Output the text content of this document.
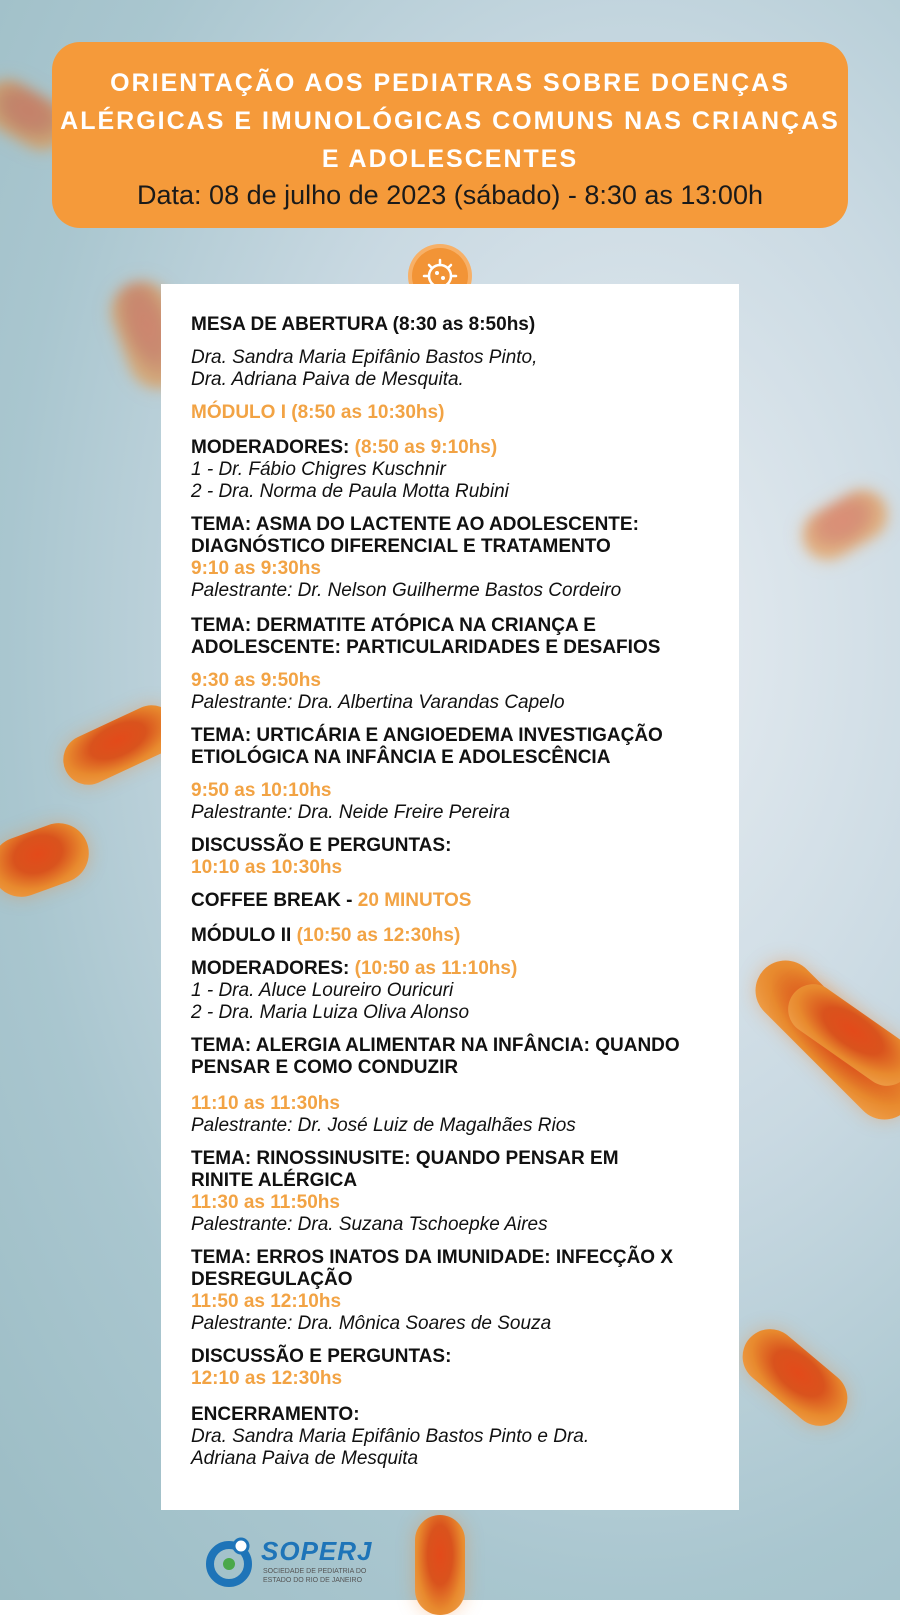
ORIENTAÇÃO AOS PEDIATRAS SOBRE DOENÇAS ALÉRGICAS E IMUNOLÓGICAS COMUNS NAS CRIANÇAS E ADOLESCENTES
Data: 08 de julho de 2023 (sábado) - 8:30 as 13:00h
MESA DE ABERTURA (8:30 as 8:50hs)
Dra. Sandra Maria Epifânio Bastos Pinto,
Dra. Adriana Paiva de Mesquita.
MÓDULO I (8:50 as 10:30hs)
MODERADORES: (8:50 as 9:10hs)
1 - Dr. Fábio Chigres Kuschnir
2 - Dra. Norma de Paula Motta Rubini
TEMA: ASMA DO LACTENTE AO ADOLESCENTE:
DIAGNÓSTICO DIFERENCIAL E TRATAMENTO
9:10 as 9:30hs
Palestrante: Dr. Nelson Guilherme Bastos Cordeiro
TEMA: DERMATITE ATÓPICA NA CRIANÇA E
ADOLESCENTE: PARTICULARIDADES E DESAFIOS
9:30 as 9:50hs
Palestrante: Dra. Albertina Varandas Capelo
TEMA: URTICÁRIA E ANGIOEDEMA INVESTIGAÇÃO
ETIOLÓGICA NA INFÂNCIA E ADOLESCÊNCIA
9:50 as 10:10hs
Palestrante: Dra. Neide Freire Pereira
DISCUSSÃO E PERGUNTAS:
10:10 as 10:30hs
COFFEE BREAK - 20 MINUTOS
MÓDULO II (10:50 as 12:30hs)
MODERADORES: (10:50 as 11:10hs)
1 - Dra. Aluce Loureiro Ouricuri
2 - Dra. Maria Luiza Oliva Alonso
TEMA: ALERGIA ALIMENTAR NA INFÂNCIA: QUANDO
PENSAR E COMO CONDUZIR
11:10 as 11:30hs
Palestrante: Dr. José Luiz de Magalhães Rios
TEMA: RINOSSINUSITE: QUANDO PENSAR EM
RINITE ALÉRGICA
11:30 as 11:50hs
Palestrante: Dra. Suzana Tschoepke Aires
TEMA: ERROS INATOS DA IMUNIDADE: INFECÇÃO X
DESREGULAÇÃO
11:50 as 12:10hs
Palestrante: Dra. Mônica Soares de Souza
DISCUSSÃO E PERGUNTAS:
12:10 as 12:30hs
ENCERRAMENTO:
Dra. Sandra Maria Epifânio Bastos Pinto e Dra.
Adriana Paiva de Mesquita
SOPERJ
SOCIEDADE DE PEDIATRIA DO
ESTADO DO RIO DE JANEIRO
